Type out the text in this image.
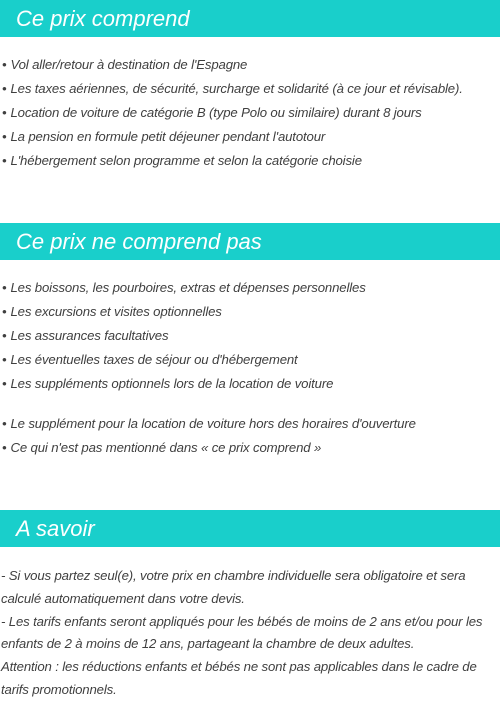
Ce prix comprend
• Vol aller/retour à destination de l'Espagne
• Les taxes aériennes, de sécurité, surcharge et solidarité (à ce jour et révisable).
• Location de voiture de catégorie B (type Polo ou similaire) durant 8 jours
• La pension en formule petit déjeuner pendant l'autotour
• L'hébergement selon programme et selon la catégorie choisie
Ce prix ne comprend pas
• Les boissons, les pourboires, extras et dépenses personnelles
• Les excursions et visites optionnelles
• Les assurances facultatives
• Les éventuelles taxes de séjour ou d'hébergement
• Les suppléments optionnels lors de la location de voiture
• Le supplément pour la location de voiture hors des horaires d'ouverture
• Ce qui n'est pas mentionné dans « ce prix comprend »
A savoir

- Si vous partez seul(e), votre prix en chambre individuelle sera obligatoire et sera calculé automatiquement dans votre devis.

- Les tarifs enfants seront appliqués pour les bébés de moins de 2 ans et/ou pour les enfants de 2 à moins de 12 ans, partageant la chambre de deux adultes.

Attention : les réductions enfants et bébés ne sont pas applicables dans le cadre de tarifs promotionnels.
